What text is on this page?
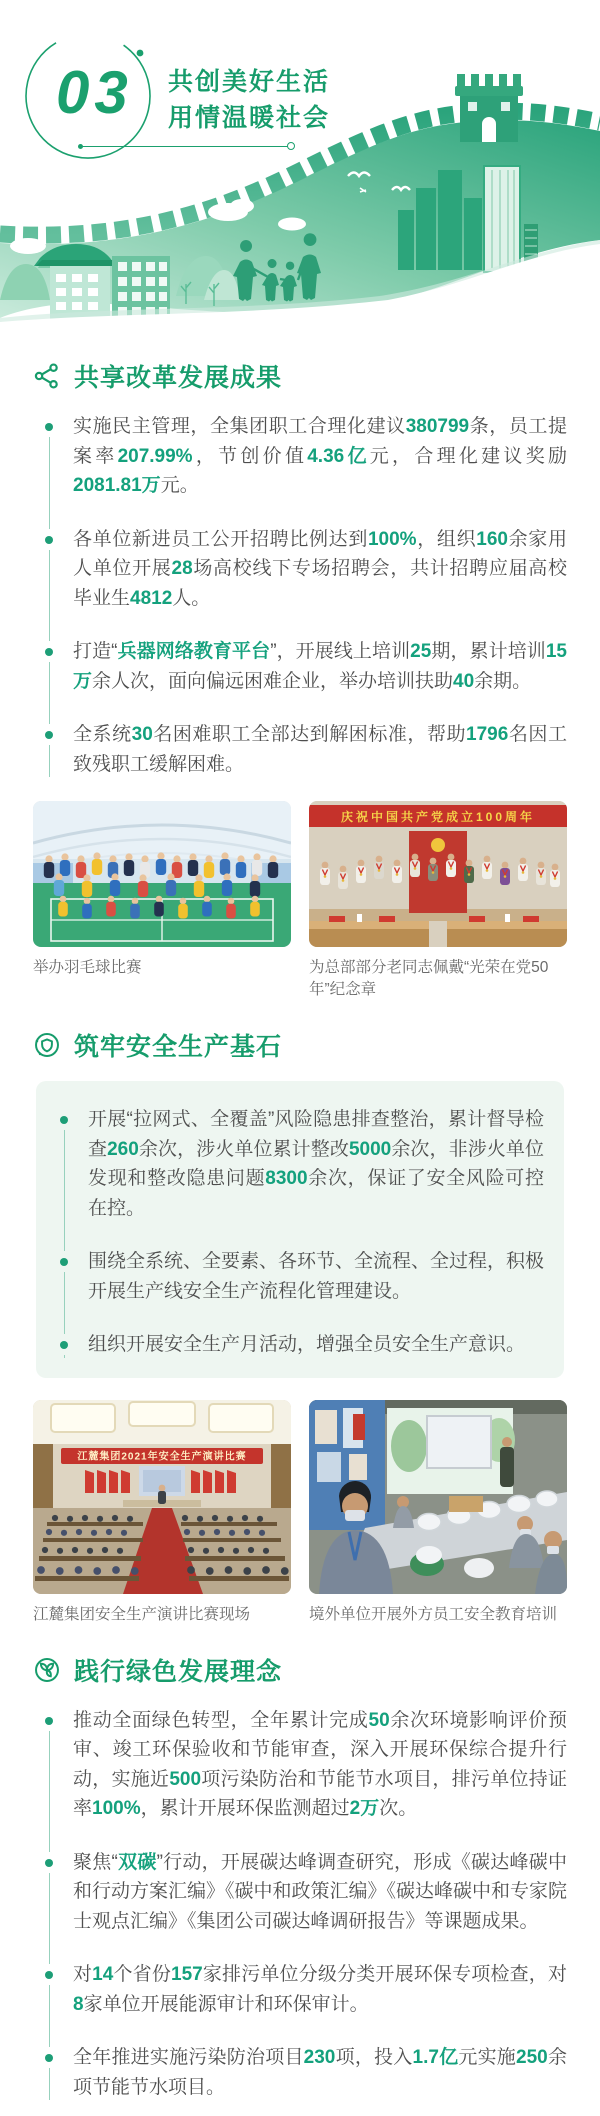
03 共创美好生活
用情温暖社会
共享改革发展成果
实施民主管理，全集团职工合理化建议380799条，员工提案率207.99%，节创价值4.36亿元，合理化建议奖励2081.81万元。
各单位新进员工公开招聘比例达到100%，组织160余家用人单位开展28场高校线下专场招聘会，共计招聘应届高校毕业生4812人。
打造“兵器网络教育平台”，开展线上培训25期，累计培训15万余人次，面向偏远困难企业，举办培训扶助40余期。
全系统30名困难职工全部达到解困标准，帮助1796名因工致残职工缓解困难。
举办羽毛球比赛
庆祝中国共产党成立100周年
为总部部分老同志佩戴“光荣在党50年”纪念章
筑牢安全生产基石
开展“拉网式、全覆盖”风险隐患排查整治，累计督导检查260余次，涉火单位累计整改5000余次，非涉火单位发现和整改隐患问题8300余次，保证了安全风险可控在控。
围绕全系统、全要素、各环节、全流程、全过程，积极开展生产线安全生产流程化管理建设。
组织开展安全生产月活动，增强全员安全生产意识。
江麓集团2021年安全生产演讲比赛
江麓集团安全生产演讲比赛现场	境外单位开展外方员工安全教育培训
践行绿色发展理念
推动全面绿色转型，全年累计完成50余次环境影响评价预审、竣工环保验收和节能审查，深入开展环保综合提升行动，实施近500项污染防治和节能节水项目，排污单位持证率100%，累计开展环保监测超过2万次。
聚焦“双碳”行动，开展碳达峰调查研究，形成《碳达峰碳中和行动方案汇编》《碳中和政策汇编》《碳达峰碳中和专家院士观点汇编》《集团公司碳达峰调研报告》等课题成果。
对14个省份157家排污单位分级分类开展环保专项检查，对8家单位开展能源审计和环保审计。
全年推进实施污染防治项目230项，投入1.7亿元实施250余项节能节水项目。
